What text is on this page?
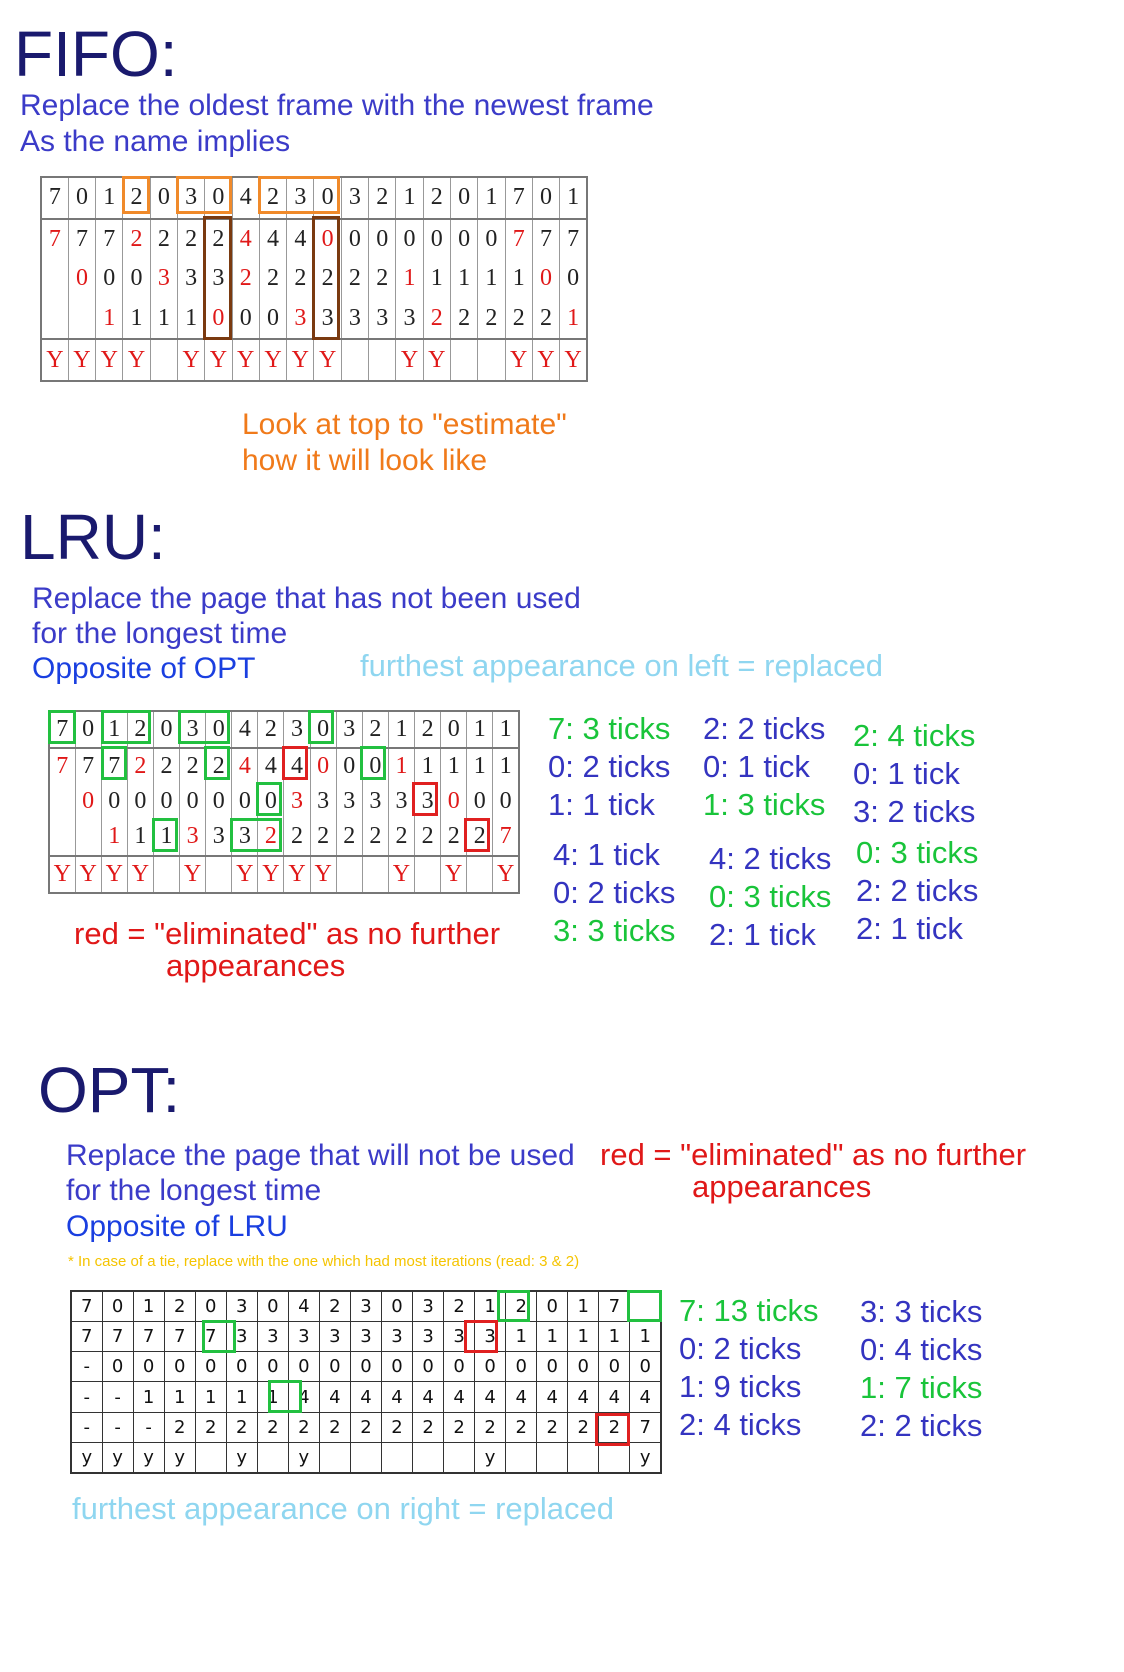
FIFO:
Replace the oldest frame with the newest frame
As the name implies
7	0	1	2	0	3	0	4	2	3	0	3	2	1	2	0	1	7	0	1
7	7	7	2	2	2	2	4	4	4	0	0	0	0	0	0	0	7	7	7
	0	0	0	3	3	3	2	2	2	2	2	2	1	1	1	1	1	0	0
		1	1	1	1	0	0	0	3	3	3	3	3	2	2	2	2	2	1
Y	Y	Y	Y		Y	Y	Y	Y	Y	Y			Y	Y			Y	Y	Y
Look at top to "estimate"
how it will look like
LRU:
Replace the page that has not been used
for the longest time
Opposite of OPT	furthest appearance on left = replaced
7	0	1	2	0	3	0	4	2	3	0	3	2	1	2	0	1	1
7	7	7	2	2	2	2	4	4	4	0	0	0	1	1	1	1	1
	0	0	0	0	0	0	0	0	3	3	3	3	3	3	0	0	0
		1	1	1	3	3	3	2	2	2	2	2	2	2	2	2	7
Y	Y	Y	Y		Y		Y	Y	Y	Y			Y		Y		Y
7: 3 ticks
0: 2 ticks
1: 1 tick
2: 2 ticks
0: 1 tick
1: 3 ticks
2: 4 ticks
0: 1 tick
3: 2 ticks
4: 1 tick
0: 2 ticks
3: 3 ticks
4: 2 ticks
0: 3 ticks
2: 1 tick
0: 3 ticks
2: 2 ticks
2: 1 tick
red = "eliminated" as no further
appearances
OPT:
Replace the page that will not be used
for the longest time
Opposite of LRU
red = "eliminated" as no further
appearances
* In case of a tie, replace with the one which had most iterations (read: 3 & 2)
7	0	1	2	0	3	0	4	2	3	0	3	2	1	2	0	1	7	
7	7	7	7	7	3	3	3	3	3	3	3	3	3	1	1	1	1	1
-	0	0	0	0	0	0	0	0	0	0	0	0	0	0	0	0	0	0
-	-	1	1	1	1	1	4	4	4	4	4	4	4	4	4	4	4	4
-	-	-	2	2	2	2	2	2	2	2	2	2	2	2	2	2	2	7
y	y	y	y		y		y						y					y
7: 13 ticks
0: 2 ticks
1: 9 ticks
2: 4 ticks
3: 3 ticks
0: 4 ticks
1: 7 ticks
2: 2 ticks
furthest appearance on right = replaced
